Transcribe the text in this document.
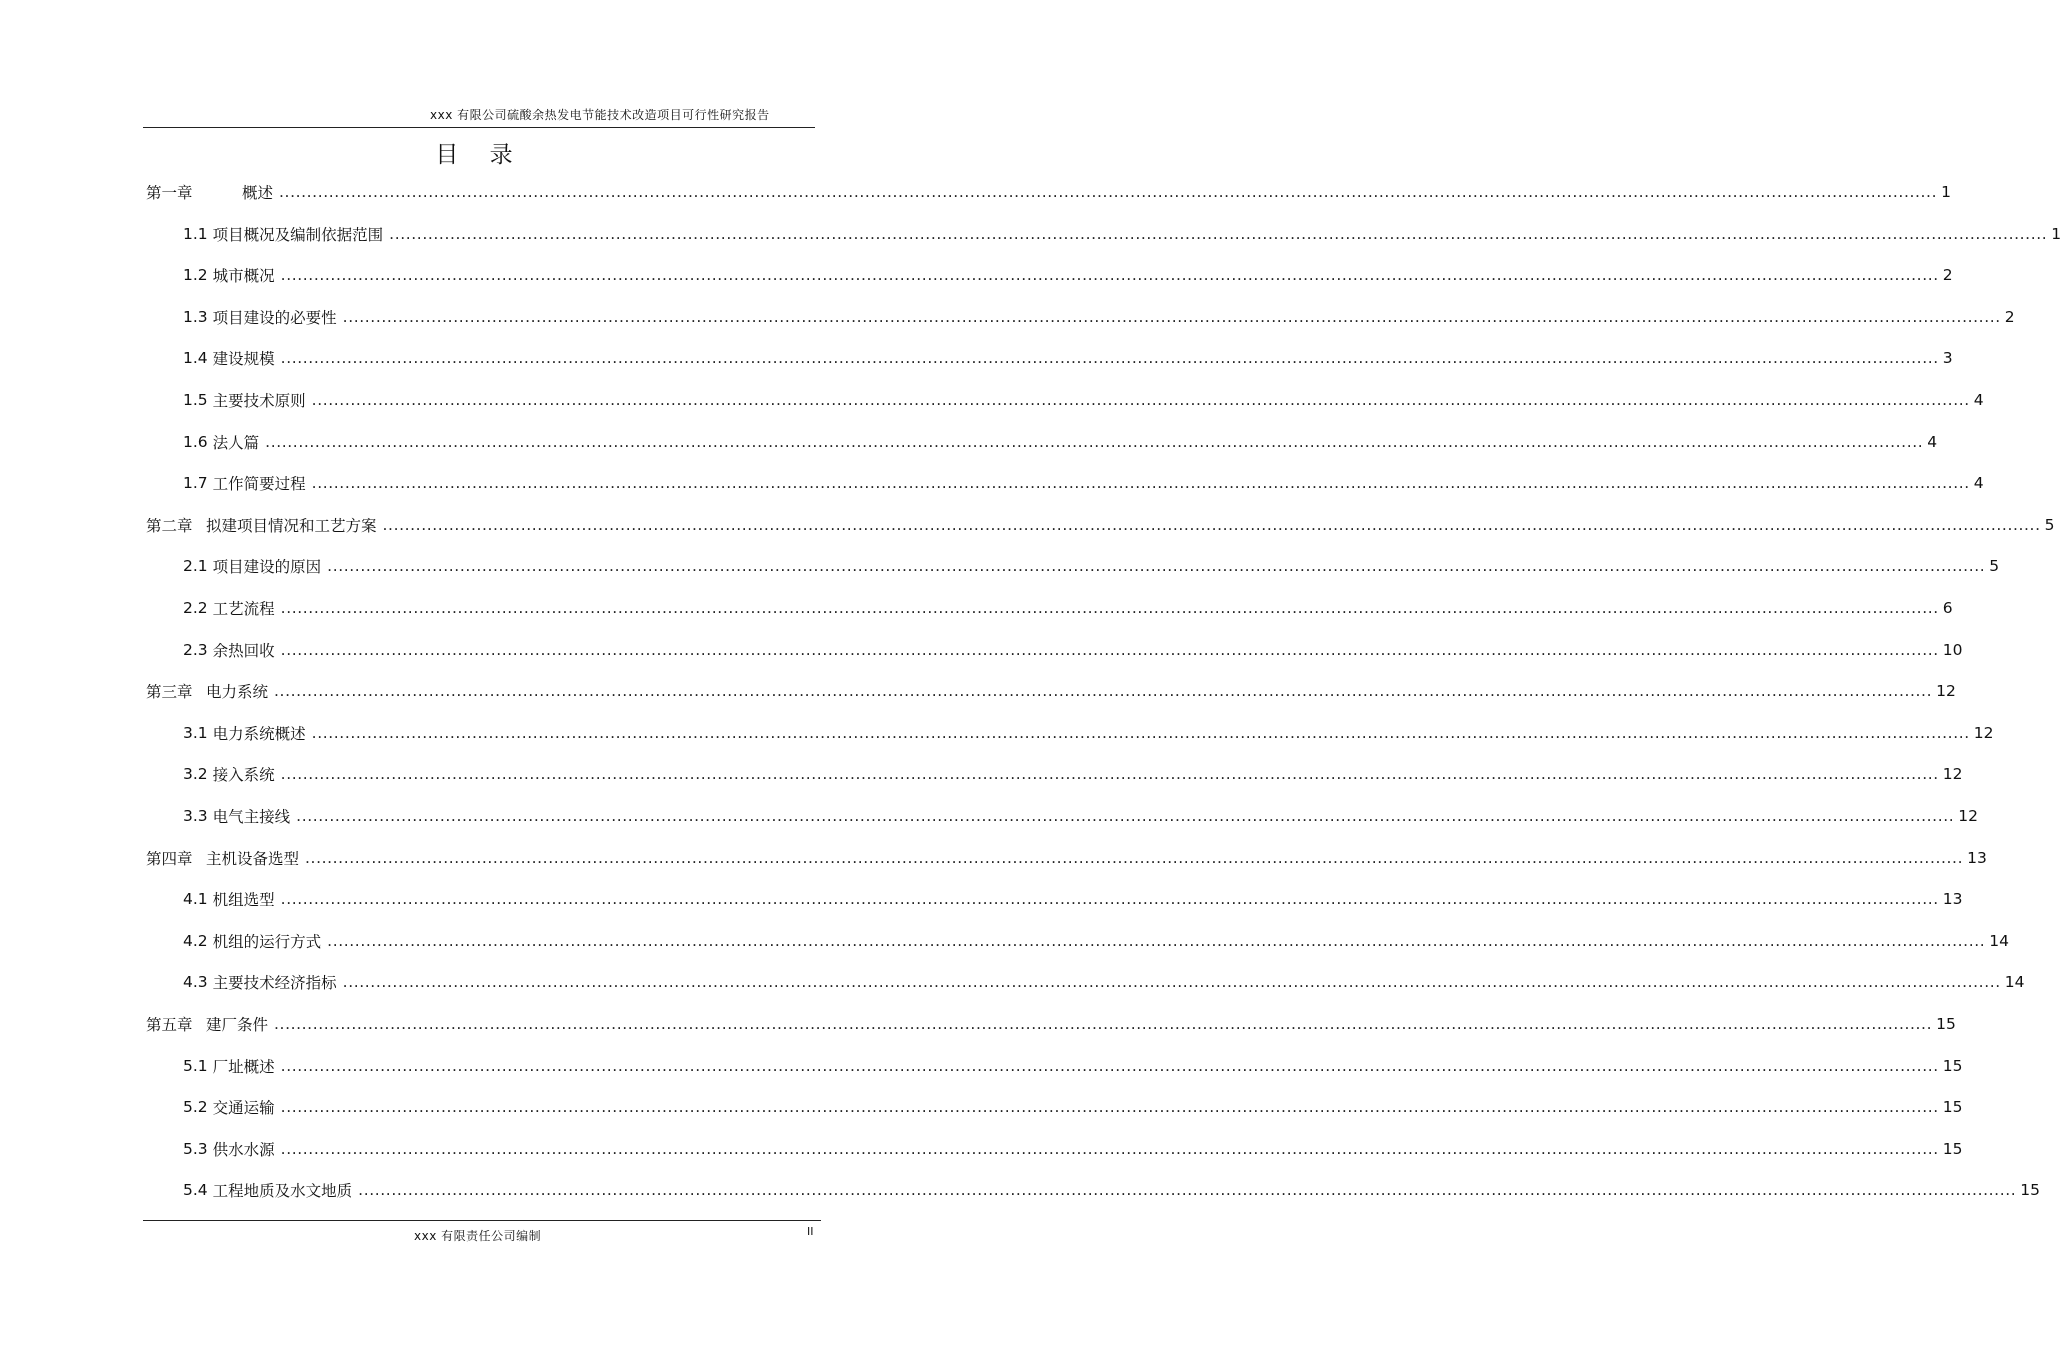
xxx 有限公司硫酸余热发电节能技术改造项目可行性研究报告
目 录
第一章	概述 ............................................................................................................................................................................................................................................................................................................ 1
1.1 项目概况及编制依据范围 ............................................................................................................................................................................................................................................................................................................ 1
1.2 城市概况 ............................................................................................................................................................................................................................................................................................................ 2
1.3 项目建设的必要性 ............................................................................................................................................................................................................................................................................................................ 2
1.4 建设规模 ............................................................................................................................................................................................................................................................................................................ 3
1.5 主要技术原则 ............................................................................................................................................................................................................................................................................................................ 4
1.6 法人篇 ............................................................................................................................................................................................................................................................................................................ 4
1.7 工作简要过程 ............................................................................................................................................................................................................................................................................................................ 4
第二章 拟建项目情况和工艺方案 ............................................................................................................................................................................................................................................................................................................ 5
2.1 项目建设的原因 ............................................................................................................................................................................................................................................................................................................ 5
2.2 工艺流程 ............................................................................................................................................................................................................................................................................................................ 6
2.3 余热回收 ............................................................................................................................................................................................................................................................................................................ 10
第三章 电力系统 ............................................................................................................................................................................................................................................................................................................ 12
3.1 电力系统概述 ............................................................................................................................................................................................................................................................................................................ 12
3.2 接入系统 ............................................................................................................................................................................................................................................................................................................ 12
3.3 电气主接线 ............................................................................................................................................................................................................................................................................................................ 12
第四章 主机设备选型 ............................................................................................................................................................................................................................................................................................................ 13
4.1 机组选型 ............................................................................................................................................................................................................................................................................................................ 13
4.2 机组的运行方式 ............................................................................................................................................................................................................................................................................................................ 14
4.3 主要技术经济指标 ............................................................................................................................................................................................................................................................................................................ 14
第五章 建厂条件 ............................................................................................................................................................................................................................................................................................................ 15
5.1 厂址概述 ............................................................................................................................................................................................................................................................................................................ 15
5.2 交通运输 ............................................................................................................................................................................................................................................................................................................ 15
5.3 供水水源 ............................................................................................................................................................................................................................................................................................................ 15
5.4 工程地质及水文地质 ............................................................................................................................................................................................................................................................................................................ 15
xxx 有限责任公司编制	II
